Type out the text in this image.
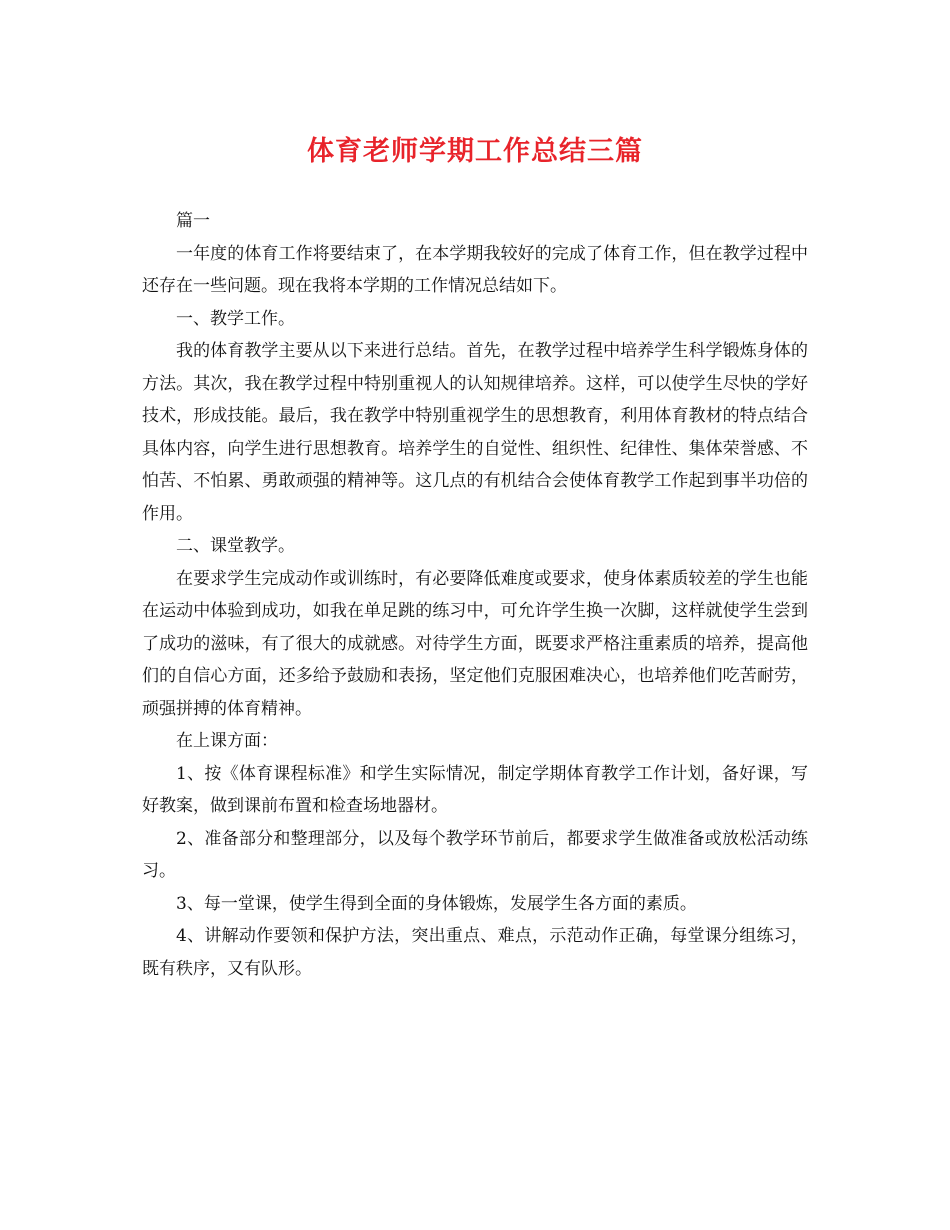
体育老师学期工作总结三篇

篇一

一年度的体育工作将要结束了，在本学期我较好的完成了体育工作，但在教学过程中还存在一些问题。现在我将本学期的工作情况总结如下。

一、教学工作。

我的体育教学主要从以下来进行总结。首先，在教学过程中培养学生科学锻炼身体的方法。其次，我在教学过程中特别重视人的认知规律培养。这样，可以使学生尽快的学好技术，形成技能。最后，我在教学中特别重视学生的思想教育，利用体育教材的特点结合具体内容，向学生进行思想教育。培养学生的自觉性、组织性、纪律性、集体荣誉感、不怕苦、不怕累、勇敢顽强的精神等。这几点的有机结合会使体育教学工作起到事半功倍的作用。

二、课堂教学。

在要求学生完成动作或训练时，有必要降低难度或要求，使身体素质较差的学生也能在运动中体验到成功，如我在单足跳的练习中，可允许学生换一次脚，这样就使学生尝到了成功的滋味，有了很大的成就感。对待学生方面，既要求严格注重素质的培养，提高他们的自信心方面，还多给予鼓励和表扬，坚定他们克服困难决心，也培养他们吃苦耐劳，顽强拼搏的体育精神。

在上课方面：

1、按《体育课程标准》和学生实际情况，制定学期体育教学工作计划，备好课，写好教案，做到课前布置和检查场地器材。

2、准备部分和整理部分，以及每个教学环节前后，都要求学生做准备或放松活动练习。

3、每一堂课，使学生得到全面的身体锻炼，发展学生各方面的素质。

4、讲解动作要领和保护方法，突出重点、难点，示范动作正确，每堂课分组练习，既有秩序，又有队形。
